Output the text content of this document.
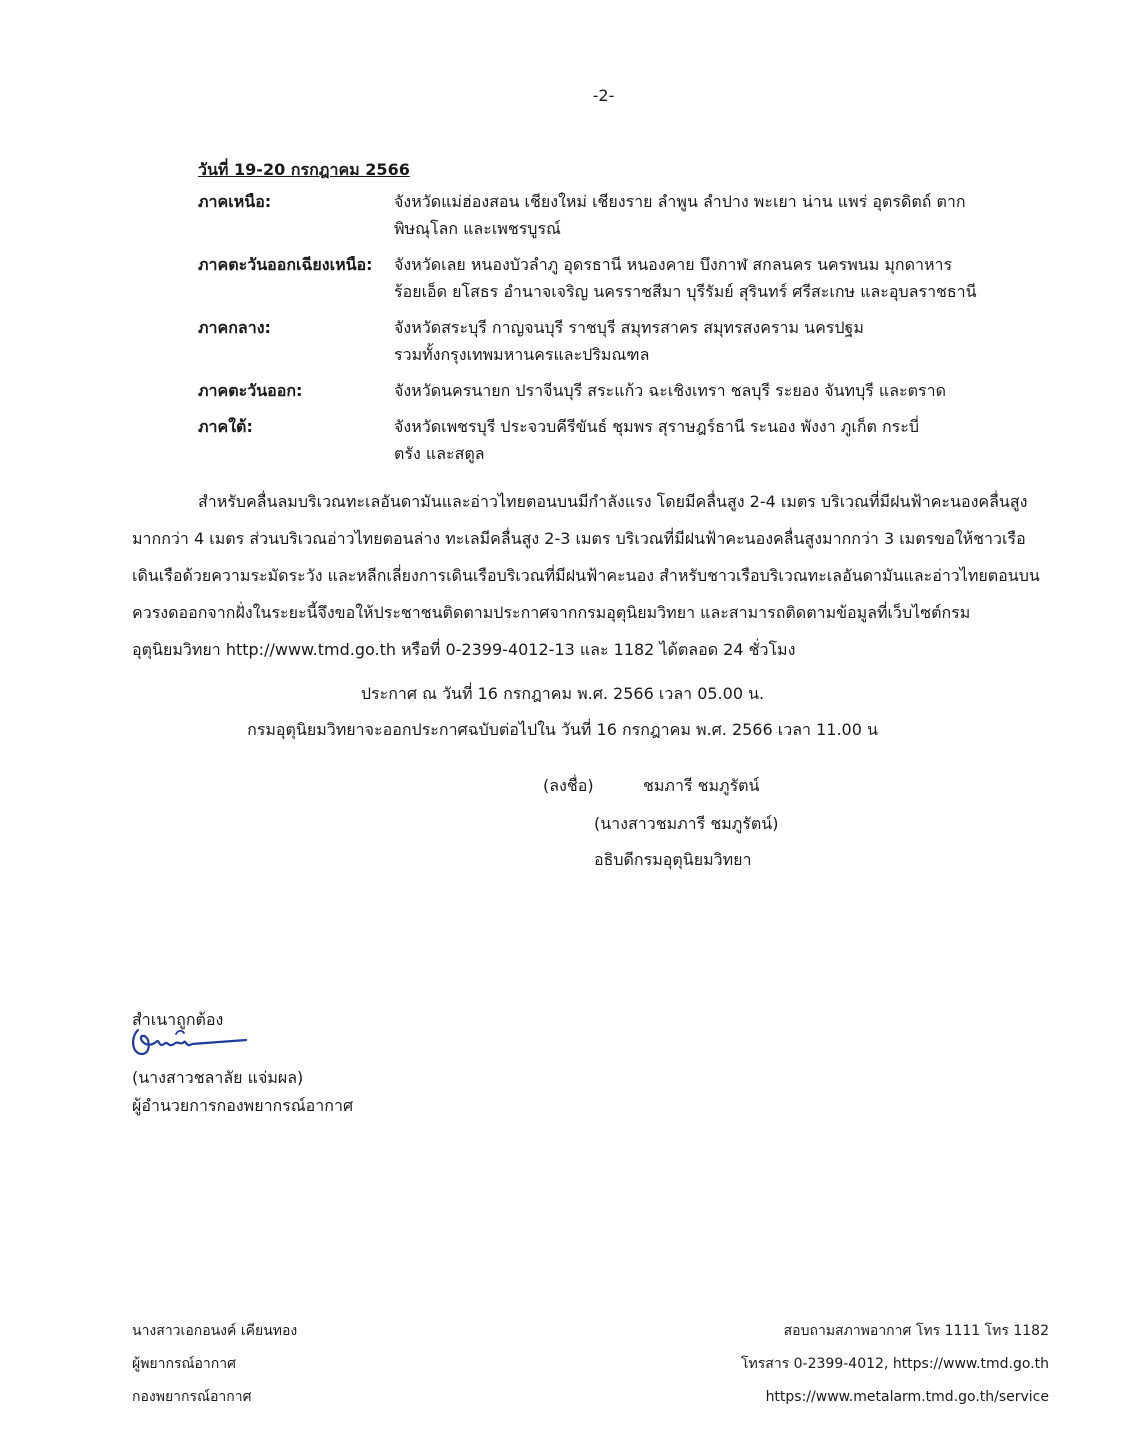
-2-
วันที่ 19-20 กรกฎาคม 2566
ภาคเหนือ:	จังหวัดแม่ฮ่องสอน เชียงใหม่ เชียงราย ลำพูน ลำปาง พะเยา น่าน แพร่ อุตรดิตถ์ ตาก
พิษณุโลก และเพชรบูรณ์
ภาคตะวันออกเฉียงเหนือ:	จังหวัดเลย หนองบัวลำภู อุดรธานี หนองคาย บึงกาฬ สกลนคร นครพนม มุกดาหาร
ร้อยเอ็ด ยโสธร อำนาจเจริญ นครราชสีมา บุรีรัมย์ สุรินทร์ ศรีสะเกษ และอุบลราชธานี
ภาคกลาง:	จังหวัดสระบุรี กาญจนบุรี ราชบุรี สมุทรสาคร สมุทรสงคราม นครปฐม
รวมทั้งกรุงเทพมหานครและปริมณฑล
ภาคตะวันออก:	จังหวัดนครนายก ปราจีนบุรี สระแก้ว ฉะเชิงเทรา ชลบุรี ระยอง จันทบุรี และตราด
ภาคใต้:	จังหวัดเพชรบุรี ประจวบคีรีขันธ์ ชุมพร สุราษฎร์ธานี ระนอง พังงา ภูเก็ต กระบี่
ตรัง และสตูล
สำหรับคลื่นลมบริเวณทะเลอันดามันและอ่าวไทยตอนบนมีกำลังแรง โดยมีคลื่นสูง 2-4 เมตร บริเวณที่มีฝนฟ้าคะนองคลื่นสูง
มากกว่า 4 เมตร ส่วนบริเวณอ่าวไทยตอนล่าง ทะเลมีคลื่นสูง 2-3 เมตร บริเวณที่มีฝนฟ้าคะนองคลื่นสูงมากกว่า 3 เมตรขอให้ชาวเรือ
เดินเรือด้วยความระมัดระวัง และหลีกเลี่ยงการเดินเรือบริเวณที่มีฝนฟ้าคะนอง สำหรับชาวเรือบริเวณทะเลอันดามันและอ่าวไทยตอนบน
ควรงดออกจากฝั่งในระยะนี้จึงขอให้ประชาชนติดตามประกาศจากกรมอุตุนิยมวิทยา และสามารถติดตามข้อมูลที่เว็บไซต์กรม
อุตุนิยมวิทยา http://www.tmd.go.th หรือที่ 0-2399-4012-13 และ 1182 ได้ตลอด 24 ชั่วโมง
ประกาศ ณ วันที่ 16 กรกฎาคม พ.ศ. 2566 เวลา 05.00 น.
กรมอุตุนิยมวิทยาจะออกประกาศฉบับต่อไปใน วันที่ 16 กรกฎาคม พ.ศ. 2566 เวลา 11.00 น
(ลงชื่อ)	ชมภารี ชมภูรัตน์
(นางสาวชมภารี ชมภูรัตน์)
อธิบดีกรมอุตุนิยมวิทยา
สำเนาถูกต้อง
(นางสาวชลาลัย แจ่มผล)
ผู้อำนวยการกองพยากรณ์อากาศ
นางสาวเอกอนงค์ เคียนทอง
ผู้พยากรณ์อากาศ
กองพยากรณ์อากาศ
สอบถามสภาพอากาศ โทร 1111 โทร 1182
โทรสาร 0-2399-4012, https://www.tmd.go.th
https://www.metalarm.tmd.go.th/service
